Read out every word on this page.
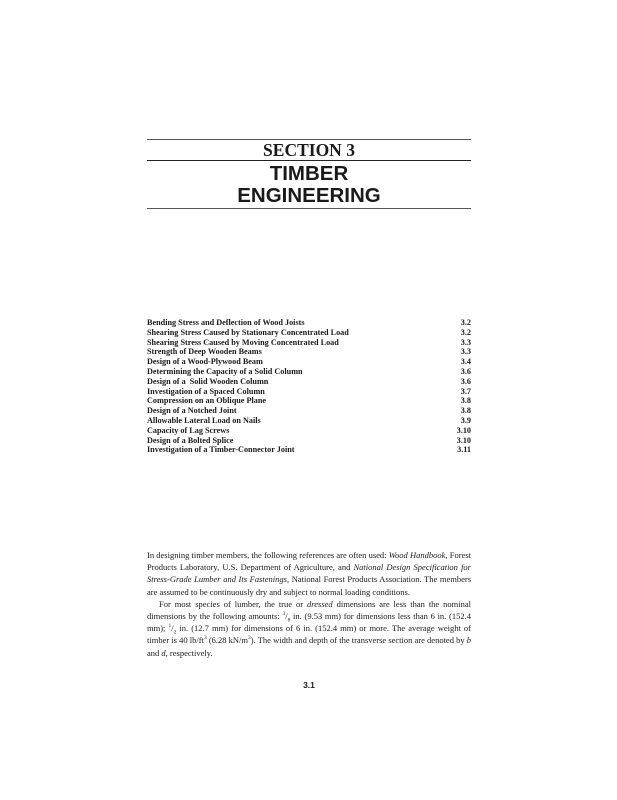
SECTION 3
TIMBER
ENGINEERING
Bending Stress and Deflection of Wood Joists	3.2
Shearing Stress Caused by Stationary Concentrated Load	3.2
Shearing Stress Caused by Moving Concentrated Load	3.3
Strength of Deep Wooden Beams	3.3
Design of a Wood-Plywood Beam	3.4
Determining the Capacity of a Solid Column	3.6
Design of a  Solid Wooden Column	3.6
Investigation of a Spaced Column	3.7
Compression on an Oblique Plane	3.8
Design of a Notched Joint	3.8
Allowable Lateral Load on Nails	3.9
Capacity of Lag Screws	3.10
Design of a Bolted Splice	3.10
Investigation of a Timber-Connector Joint	3.11

In designing timber members, the following references are often used: Wood Handbook, Forest Products Laboratory, U.S. Department of Agriculture, and National Design Specification for Stress-Grade Lumber and Its Fastenings, National Forest Products Association. The members are assumed to be continuously dry and subject to normal loading conditions.

For most species of lumber, the true or dressed dimensions are less than the nominal dimensions by the following amounts: $^3/_8$ in. (9.53 mm) for dimensions less than 6 in. (152.4 mm); $^1/_2$ in. (12.7 mm) for dimensions of 6 in. (152.4 mm) or more. The average weight of timber is 40 $lb/ft^3$ (6.28 $kN/m^3$). The width and depth of the transverse section are denoted by b and d, respectively.

3.1
